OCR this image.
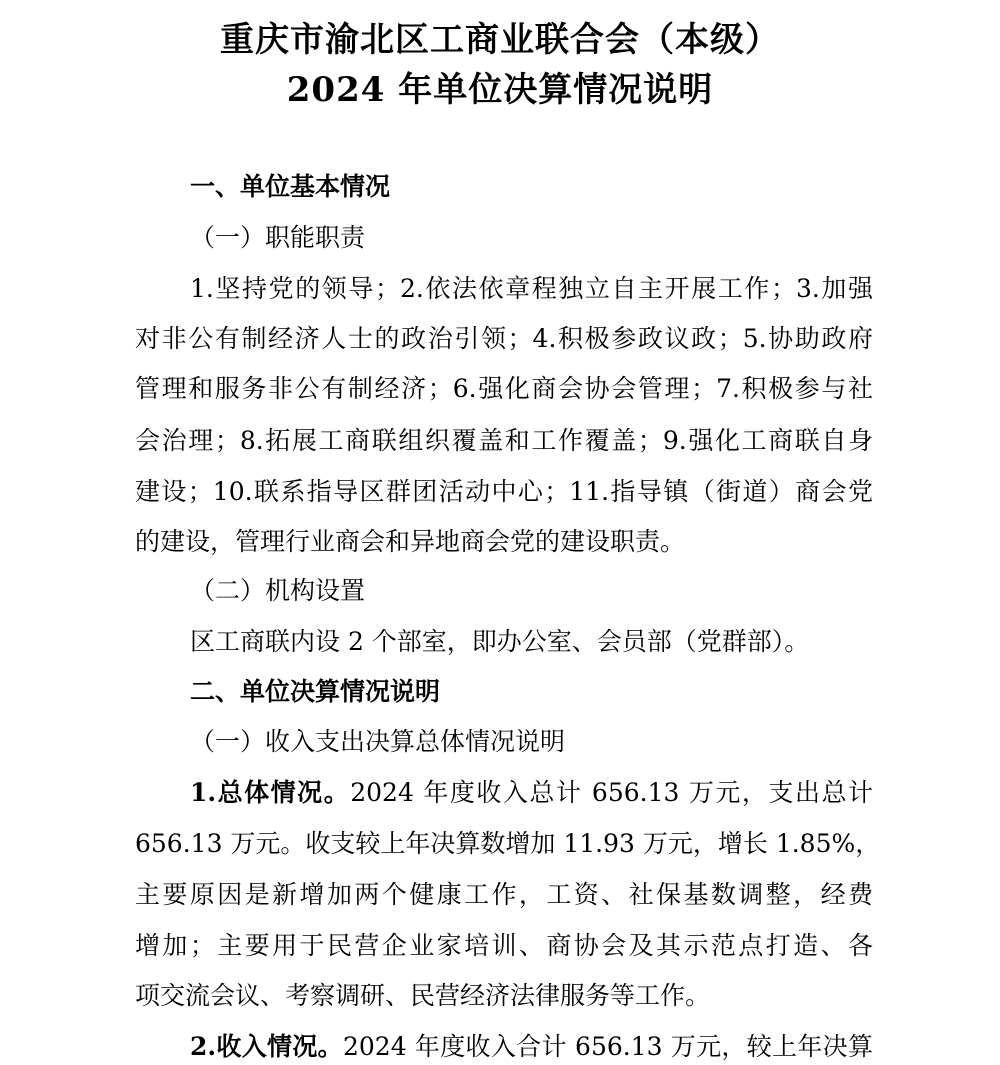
重庆市渝北区工商业联合会（本级）
2024 年单位决算情况说明
一、单位基本情况
（一）职能职责
1.坚持党的领导；2.依法依章程独立自主开展工作；3.加强
对非公有制经济人士的政治引领；4.积极参政议政；5.协助政府
管理和服务非公有制经济；6.强化商会协会管理；7.积极参与社
会治理；8.拓展工商联组织覆盖和工作覆盖；9.强化工商联自身
建设；10.联系指导区群团活动中心；11.指导镇（街道）商会党
的建设，管理行业商会和异地商会党的建设职责。
（二）机构设置
区工商联内设 2 个部室，即办公室、会员部（党群部）。
二、单位决算情况说明
（一）收入支出决算总体情况说明
1.总体情况。2024 年度收入总计 656.13 万元，支出总计
656.13 万元。收支较上年决算数增加 11.93 万元，增长 1.85%，
主要原因是新增加两个健康工作，工资、社保基数调整，经费
增加；主要用于民营企业家培训、商协会及其示范点打造、各
项交流会议、考察调研、民营经济法律服务等工作。
2.收入情况。2024 年度收入合计 656.13 万元，较上年决算
